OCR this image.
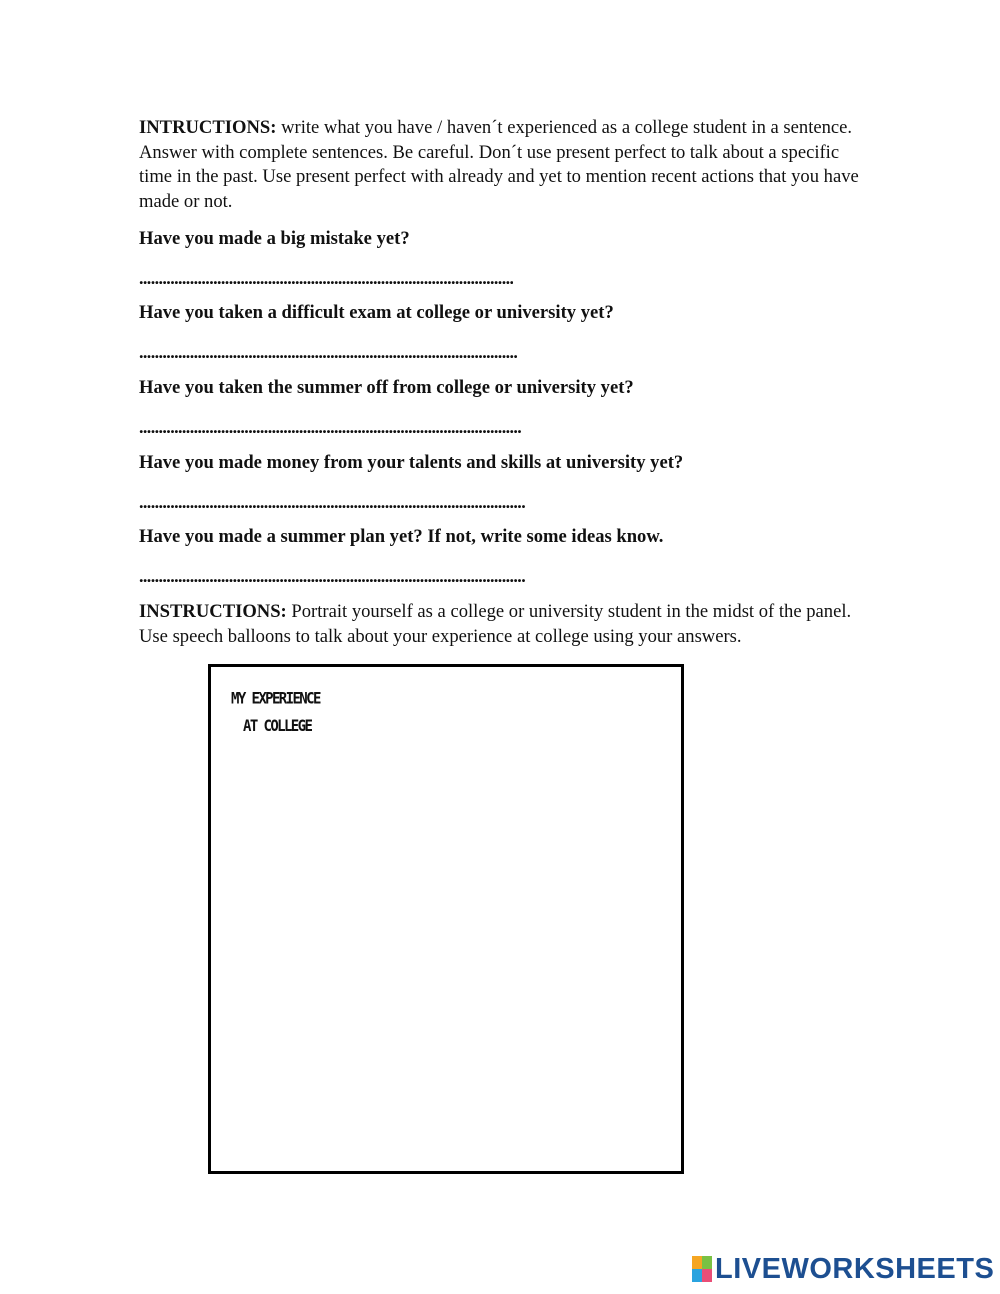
INTRUCTIONS: write what you have / haven´t experienced as a college student in a sentence. Answer with complete sentences. Be careful. Don´t use present perfect to talk about a specific time in the past. Use present perfect with already and yet to mention recent actions that you have made or not.

Have you made a big mistake yet?

................................................................................................

Have you taken a difficult exam at college or university yet?

.................................................................................................

Have you taken the summer off from college or university yet?

..................................................................................................

Have you made money from your talents and skills at university yet?

...................................................................................................

Have you made a summer plan yet? If not, write some ideas know.

...................................................................................................

INSTRUCTIONS: Portrait yourself as a college or university student in the midst of the panel. Use speech balloons to talk about your experience at college using your answers.

MY EXPERIENCE
AT COLLEGE
LIVEWORKSHEETS
